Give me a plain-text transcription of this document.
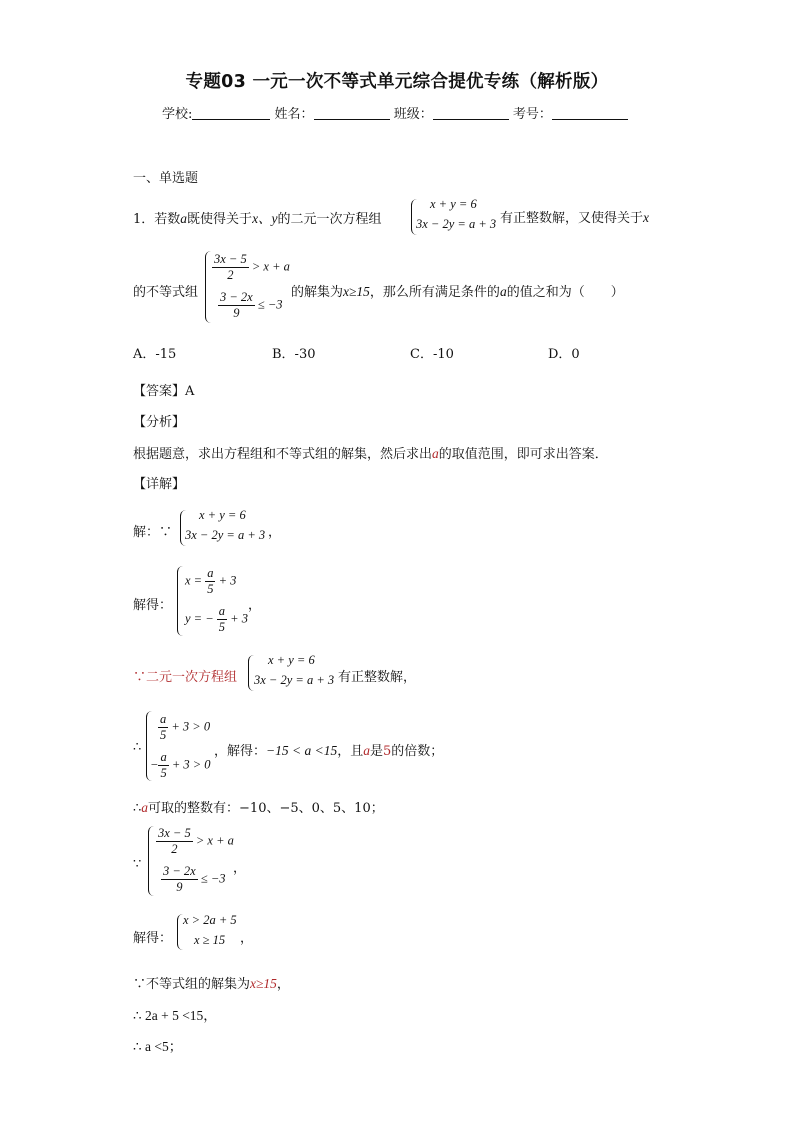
专题03 一元一次不等式单元综合提优专练（解析版）
学校:	姓名：	班级：	考号：
一、单选题
1．若数a既使得关于x、y的二元一次方程组
x + y = 6
3x − 2y = a + 3 有正整数解，又使得关于x
的不等式组
$\frac{3x - 5}{2} > x + a$
$\frac{3 - 2x}{9} \le -3$
的解集为x≥15，那么所有满足条件的a的值之和为（　　）
A．-15	B．-30	C．-10	D．0
【答案】A
【分析】
根据题意，求出方程组和不等式组的解集，然后求出a的取值范围，即可求出答案．
【详解】
解：∵
x + y = 6
3x − 2y = a + 3 ，
解得：
$x = \frac{a}{5} + 3$
y = − $\frac{a}{5} + 3$
，
∵二元一次方程组
x + y = 6
3x − 2y = a + 3 有正整数解，
∴
$\frac{a}{5} + 3 > 0$
− $\frac{a}{5} + 3 > 0$
，解得：−15 < a <15，且a是5的倍数；
∴a可取的整数有：−10、−5、0、5、10；
∵
$\frac{3x - 5}{2} > x + a$
$\frac{3 - 2x}{9} \le -3$
，
解得：
x > 2a + 5
x ≥ 15 ，
∵不等式组的解集为x≥15，
∴ 2a + 5 <15，
∴ a <5；
